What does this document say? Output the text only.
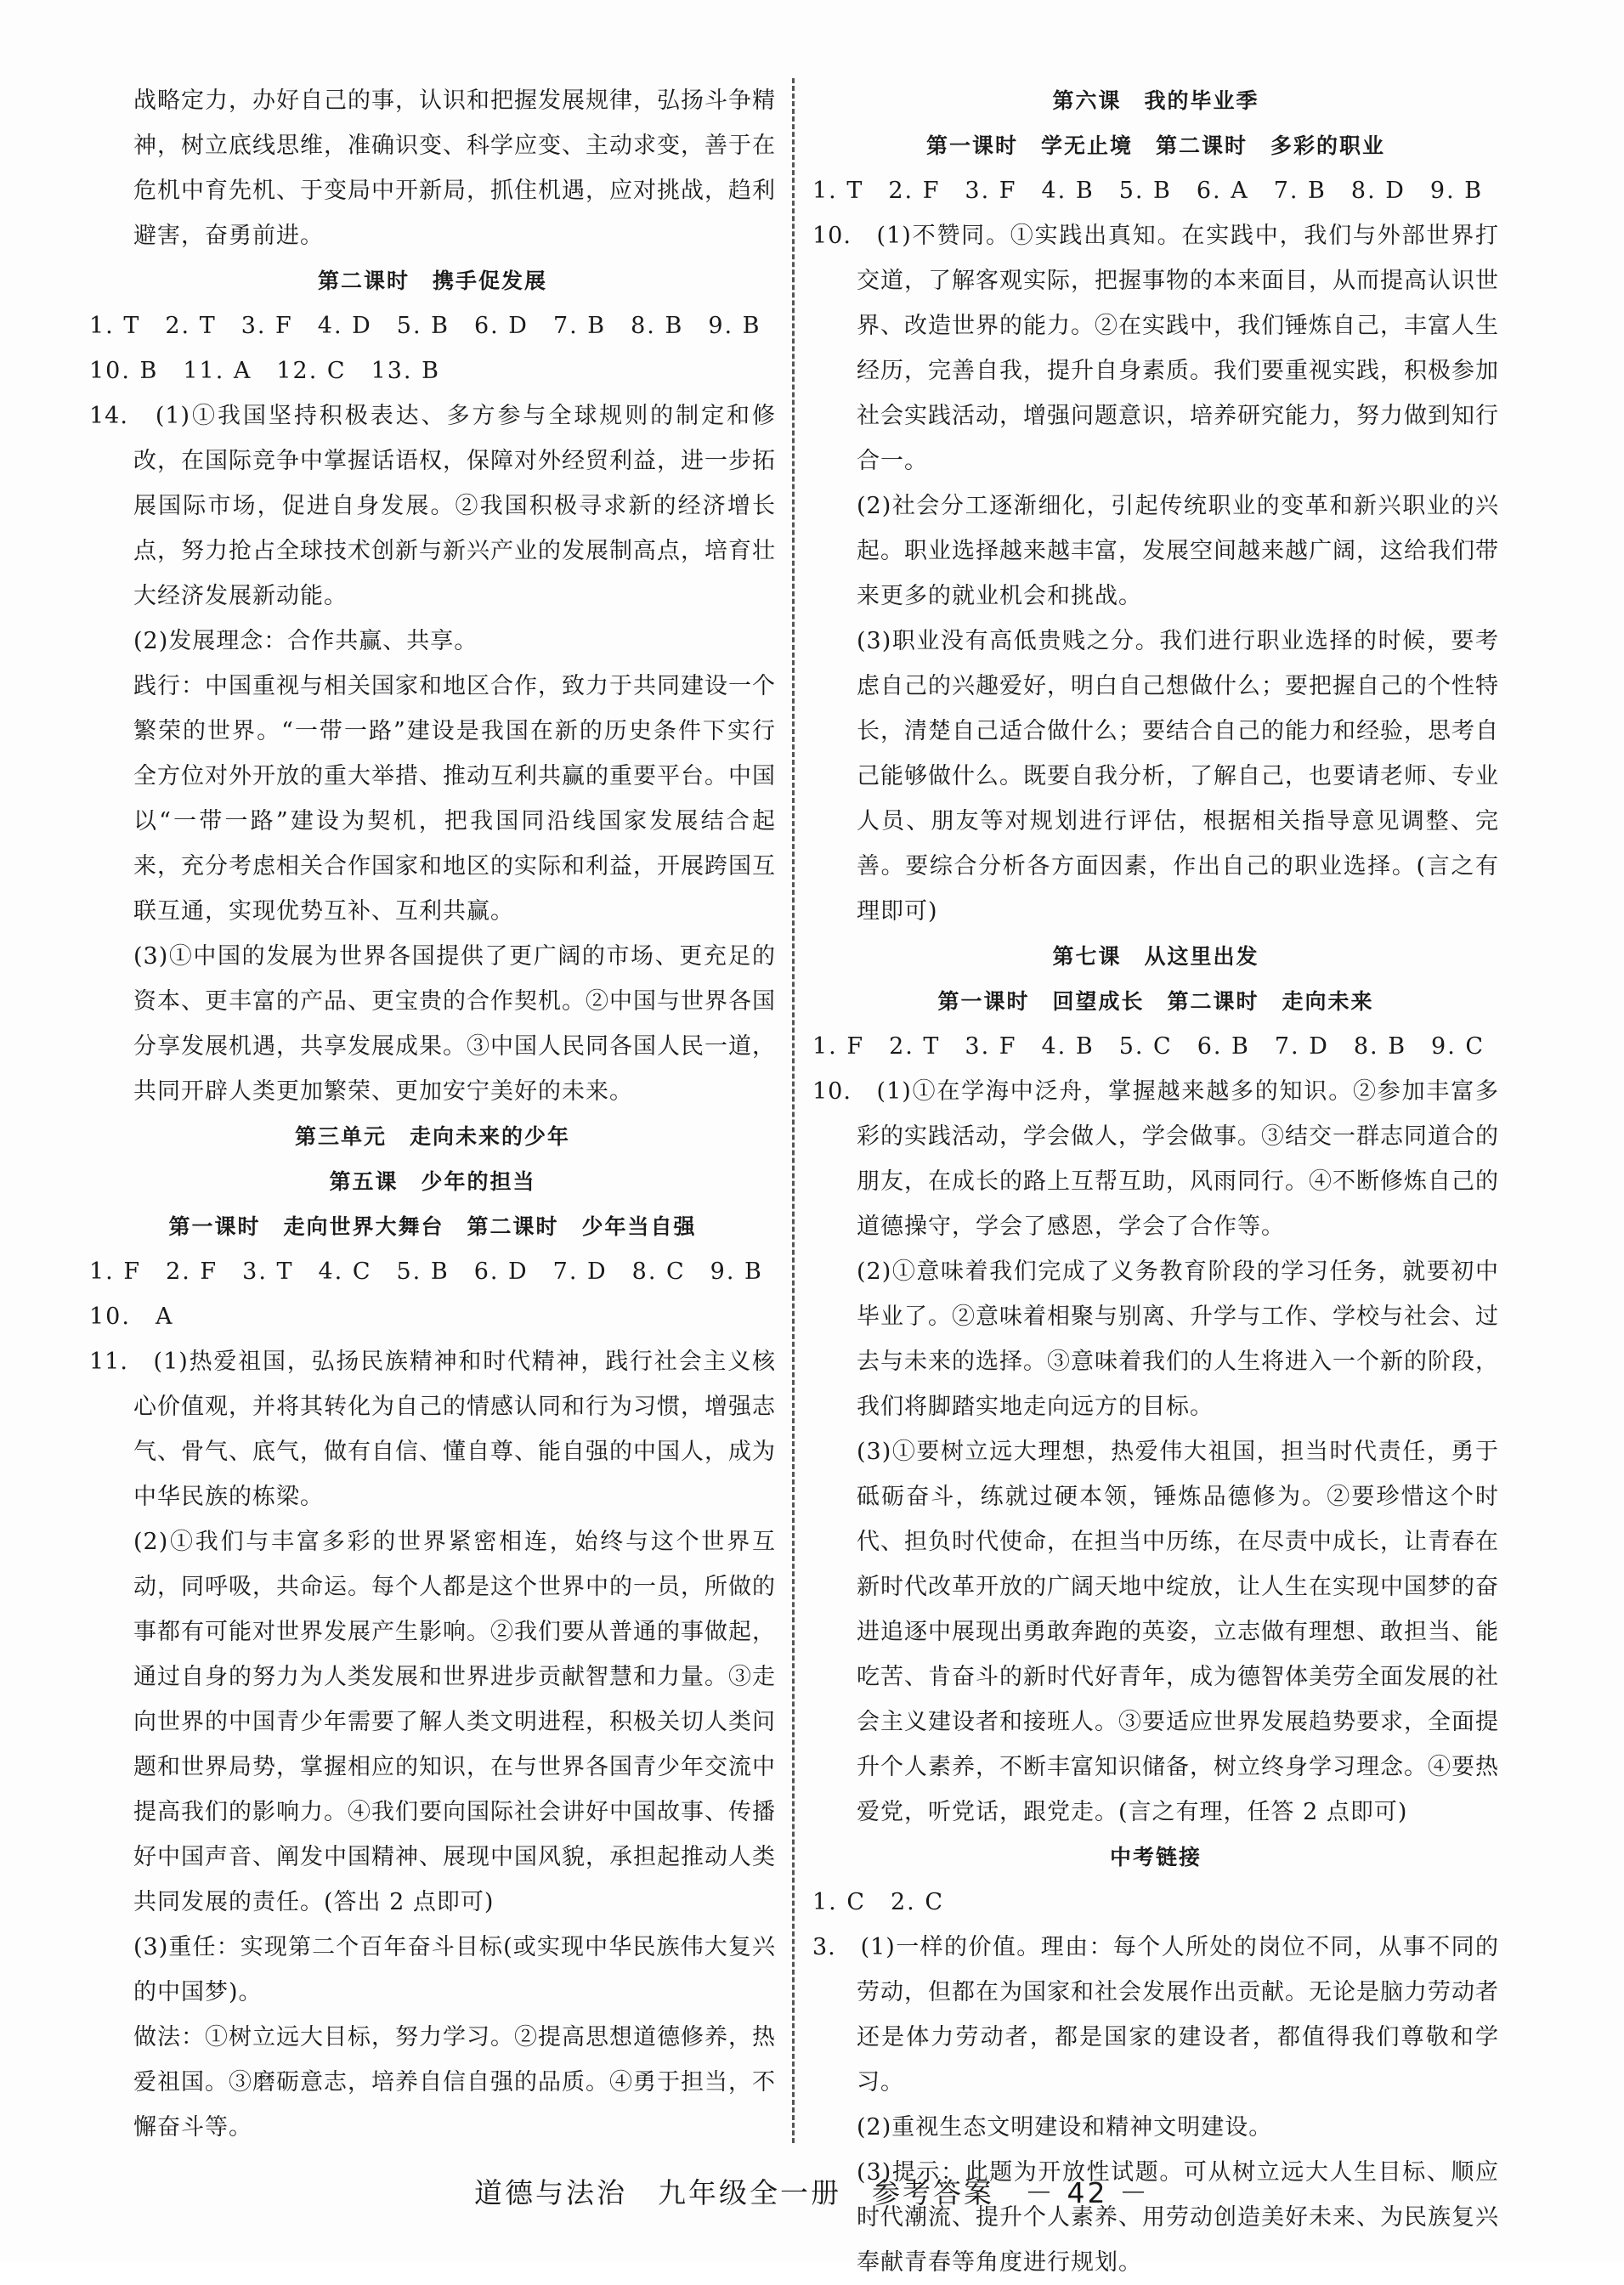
战略定力，办好自己的事，认识和把握发展规律，弘扬斗争精神，树立底线思维，准确识变、科学应变、主动求变，善于在危机中育先机、于变局中开新局，抓住机遇，应对挑战，趋利避害，奋勇前进。

第二课时　携手促发展

1. T　2. T　3. F　4. D　5. B　6. D　7. B　8. B　9. B

10. B　11. A　12. C　13. B

14.　(1)①我国坚持积极表达、多方参与全球规则的制定和修改，在国际竞争中掌握话语权，保障对外经贸利益，进一步拓展国际市场，促进自身发展。②我国积极寻求新的经济增长点，努力抢占全球技术创新与新兴产业的发展制高点，培育壮大经济发展新动能。

(2)发展理念：合作共赢、共享。

践行：中国重视与相关国家和地区合作，致力于共同建设一个繁荣的世界。“一带一路”建设是我国在新的历史条件下实行全方位对外开放的重大举措、推动互利共赢的重要平台。中国以“一带一路”建设为契机，把我国同沿线国家发展结合起来，充分考虑相关合作国家和地区的实际和利益，开展跨国互联互通，实现优势互补、互利共赢。

(3)①中国的发展为世界各国提供了更广阔的市场、更充足的资本、更丰富的产品、更宝贵的合作契机。②中国与世界各国分享发展机遇，共享发展成果。③中国人民同各国人民一道，共同开辟人类更加繁荣、更加安宁美好的未来。

第三单元　走向未来的少年

第五课　少年的担当

第一课时　走向世界大舞台　第二课时　少年当自强

1. F　2. F　3. T　4. C　5. B　6. D　7. D　8. C　9. B

10.　A

11.　(1)热爱祖国，弘扬民族精神和时代精神，践行社会主义核心价值观，并将其转化为自己的情感认同和行为习惯，增强志气、骨气、底气，做有自信、懂自尊、能自强的中国人，成为中华民族的栋梁。

(2)①我们与丰富多彩的世界紧密相连，始终与这个世界互动，同呼吸，共命运。每个人都是这个世界中的一员，所做的事都有可能对世界发展产生影响。②我们要从普通的事做起，通过自身的努力为人类发展和世界进步贡献智慧和力量。③走向世界的中国青少年需要了解人类文明进程，积极关切人类问题和世界局势，掌握相应的知识，在与世界各国青少年交流中提高我们的影响力。④我们要向国际社会讲好中国故事、传播好中国声音、阐发中国精神、展现中国风貌，承担起推动人类共同发展的责任。(答出 2 点即可)

(3)重任：实现第二个百年奋斗目标(或实现中华民族伟大复兴的中国梦)。

做法：①树立远大目标，努力学习。②提高思想道德修养，热爱祖国。③磨砺意志，培养自信自强的品质。④勇于担当，不懈奋斗等。

第六课　我的毕业季

第一课时　学无止境　第二课时　多彩的职业

1. T　2. F　3. F　4. B　5. B　6. A　7. B　8. D　9. B

10.　(1)不赞同。①实践出真知。在实践中，我们与外部世界打交道，了解客观实际，把握事物的本来面目，从而提高认识世界、改造世界的能力。②在实践中，我们锤炼自己，丰富人生经历，完善自我，提升自身素质。我们要重视实践，积极参加社会实践活动，增强问题意识，培养研究能力，努力做到知行合一。

(2)社会分工逐渐细化，引起传统职业的变革和新兴职业的兴起。职业选择越来越丰富，发展空间越来越广阔，这给我们带来更多的就业机会和挑战。

(3)职业没有高低贵贱之分。我们进行职业选择的时候，要考虑自己的兴趣爱好，明白自己想做什么；要把握自己的个性特长，清楚自己适合做什么；要结合自己的能力和经验，思考自己能够做什么。既要自我分析，了解自己，也要请老师、专业人员、朋友等对规划进行评估，根据相关指导意见调整、完善。要综合分析各方面因素，作出自己的职业选择。(言之有理即可)

第七课　从这里出发

第一课时　回望成长　第二课时　走向未来

1. F　2. T　3. F　4. B　5. C　6. B　7. D　8. B　9. C

10.　(1)①在学海中泛舟，掌握越来越多的知识。②参加丰富多彩的实践活动，学会做人，学会做事。③结交一群志同道合的朋友，在成长的路上互帮互助，风雨同行。④不断修炼自己的道德操守，学会了感恩，学会了合作等。

(2)①意味着我们完成了义务教育阶段的学习任务，就要初中毕业了。②意味着相聚与别离、升学与工作、学校与社会、过去与未来的选择。③意味着我们的人生将进入一个新的阶段，我们将脚踏实地走向远方的目标。

(3)①要树立远大理想，热爱伟大祖国，担当时代责任，勇于砥砺奋斗，练就过硬本领，锤炼品德修为。②要珍惜这个时代、担负时代使命，在担当中历练，在尽责中成长，让青春在新时代改革开放的广阔天地中绽放，让人生在实现中国梦的奋进追逐中展现出勇敢奔跑的英姿，立志做有理想、敢担当、能吃苦、肯奋斗的新时代好青年，成为德智体美劳全面发展的社会主义建设者和接班人。③要适应世界发展趋势要求，全面提升个人素养，不断丰富知识储备，树立终身学习理念。④要热爱党，听党话，跟党走。(言之有理，任答 2 点即可)

中考链接

1. C　2. C

3.　(1)一样的价值。理由：每个人所处的岗位不同，从事不同的劳动，但都在为国家和社会发展作出贡献。无论是脑力劳动者还是体力劳动者，都是国家的建设者，都值得我们尊敬和学习。

(2)重视生态文明建设和精神文明建设。

(3)提示：此题为开放性试题。可从树立远大人生目标、顺应时代潮流、提升个人素养、用劳动创造美好未来、为民族复兴奉献青春等角度进行规划。

道德与法治　九年级全一册　参考答案　－ 42 －
